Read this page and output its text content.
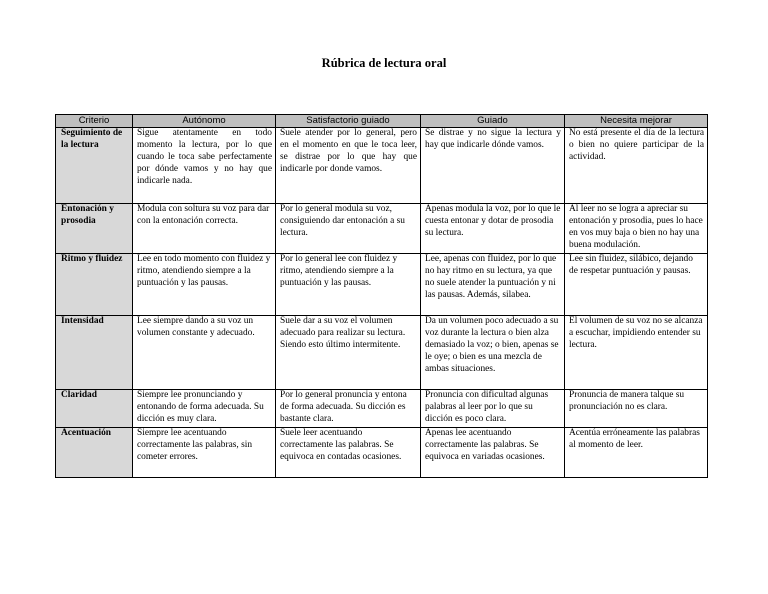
Rúbrica de lectura oral
Criterio	Autónomo	Satisfactorio guiado	Guiado	Necesita mejorar
Seguimiento de la lectura	Sigue atentamente en todo momento la lectura, por lo que cuando le toca sabe perfectamente por dónde vamos y no hay que indicarle nada.	Suele atender por lo general, pero en el momento en que le toca leer, se distrae por lo que hay que indicarle por donde vamos.	Se distrae y no sigue la lectura y hay que indicarle dónde vamos.	No está presente el día de la lectura o bien no quiere participar de la actividad.
Entonación y prosodia	Modula con soltura su voz para dar con la entonación correcta.	Por lo general modula su voz, consiguiendo dar entonación a su lectura.	Apenas modula la voz, por lo que le cuesta entonar y dotar de prosodia su lectura.	Al leer no se logra a apreciar su entonación y prosodia, pues lo hace en vos muy baja o bien no hay una buena modulación.
Ritmo y fluidez	Lee en todo momento con fluidez y ritmo, atendiendo siempre a la puntuación y las pausas.	Por lo general lee con fluidez y ritmo, atendiendo siempre a la puntuación y las pausas.	Lee, apenas con fluidez, por lo que no hay ritmo en su lectura, ya que no suele atender la puntuación y ni las pausas. Además, silabea.	Lee sin fluidez, silábico, dejando de respetar puntuación y pausas.
Intensidad	Lee siempre dando a su voz un volumen constante y adecuado.	Suele dar a su voz el volumen adecuado para realizar su lectura. Siendo esto último intermitente.	Da un volumen poco adecuado a su voz durante la lectura o bien alza demasiado la voz; o bien, apenas se le oye; o bien es una mezcla de ambas situaciones.	El volumen de su voz no se alcanza a escuchar, impidiendo entender su lectura.
Claridad	Siempre lee pronunciando y entonando de forma adecuada. Su dicción es muy clara.	Por lo general pronuncia y entona de forma adecuada. Su dicción es bastante clara.	Pronuncia con dificultad algunas palabras al leer por lo que su dicción es poco clara.	Pronuncia de manera talque su pronunciación no es clara.
Acentuación	Siempre lee acentuando correctamente las palabras, sin cometer errores.	Suele leer acentuando correctamente las palabras. Se equivoca en contadas ocasiones.	Apenas lee acentuando correctamente las palabras. Se equivoca en variadas ocasiones.	Acentúa erróneamente las palabras al momento de leer.
